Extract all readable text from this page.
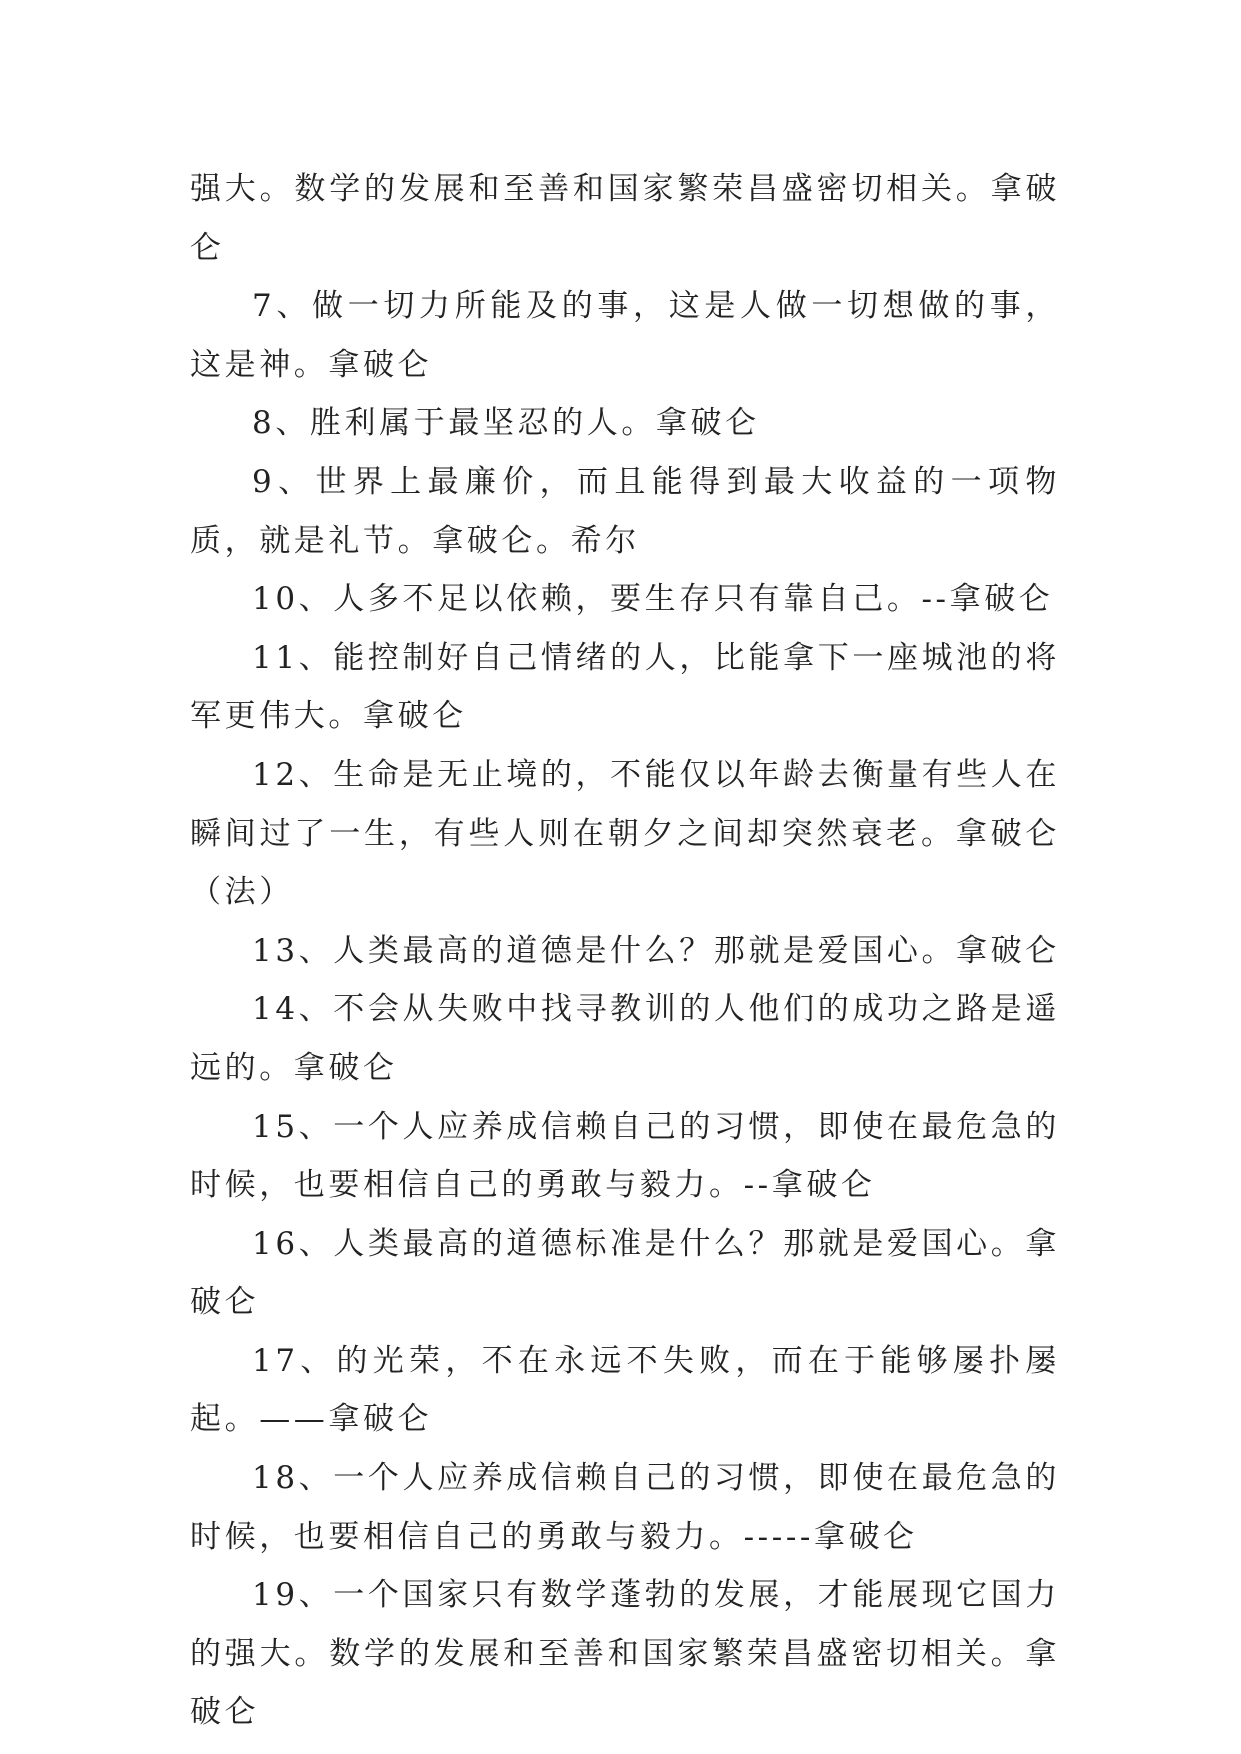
强大。数学的发展和至善和国家繁荣昌盛密切相关。拿破仑

7、做一切力所能及的事，这是人做一切想做的事，这是神。拿破仑

8、胜利属于最坚忍的人。拿破仑

9、世界上最廉价，而且能得到最大收益的一项物质，就是礼节。拿破仑。希尔

10、人多不足以依赖，要生存只有靠自己。--拿破仑

11、能控制好自己情绪的人，比能拿下一座城池的将军更伟大。拿破仑

12、生命是无止境的，不能仅以年龄去衡量有些人在瞬间过了一生，有些人则在朝夕之间却突然衰老。拿破仑（法）

13、人类最高的道德是什么？那就是爱国心。拿破仑

14、不会从失败中找寻教训的人他们的成功之路是遥远的。拿破仑

15、一个人应养成信赖自己的习惯，即使在最危急的时候，也要相信自己的勇敢与毅力。--拿破仑

16、人类最高的道德标准是什么？那就是爱国心。拿破仑

17、的光荣，不在永远不失败，而在于能够屡扑屡起。——拿破仑

18、一个人应养成信赖自己的习惯，即使在最危急的时候，也要相信自己的勇敢与毅力。-----拿破仑

19、一个国家只有数学蓬勃的发展，才能展现它国力的强大。数学的发展和至善和国家繁荣昌盛密切相关。拿破仑
